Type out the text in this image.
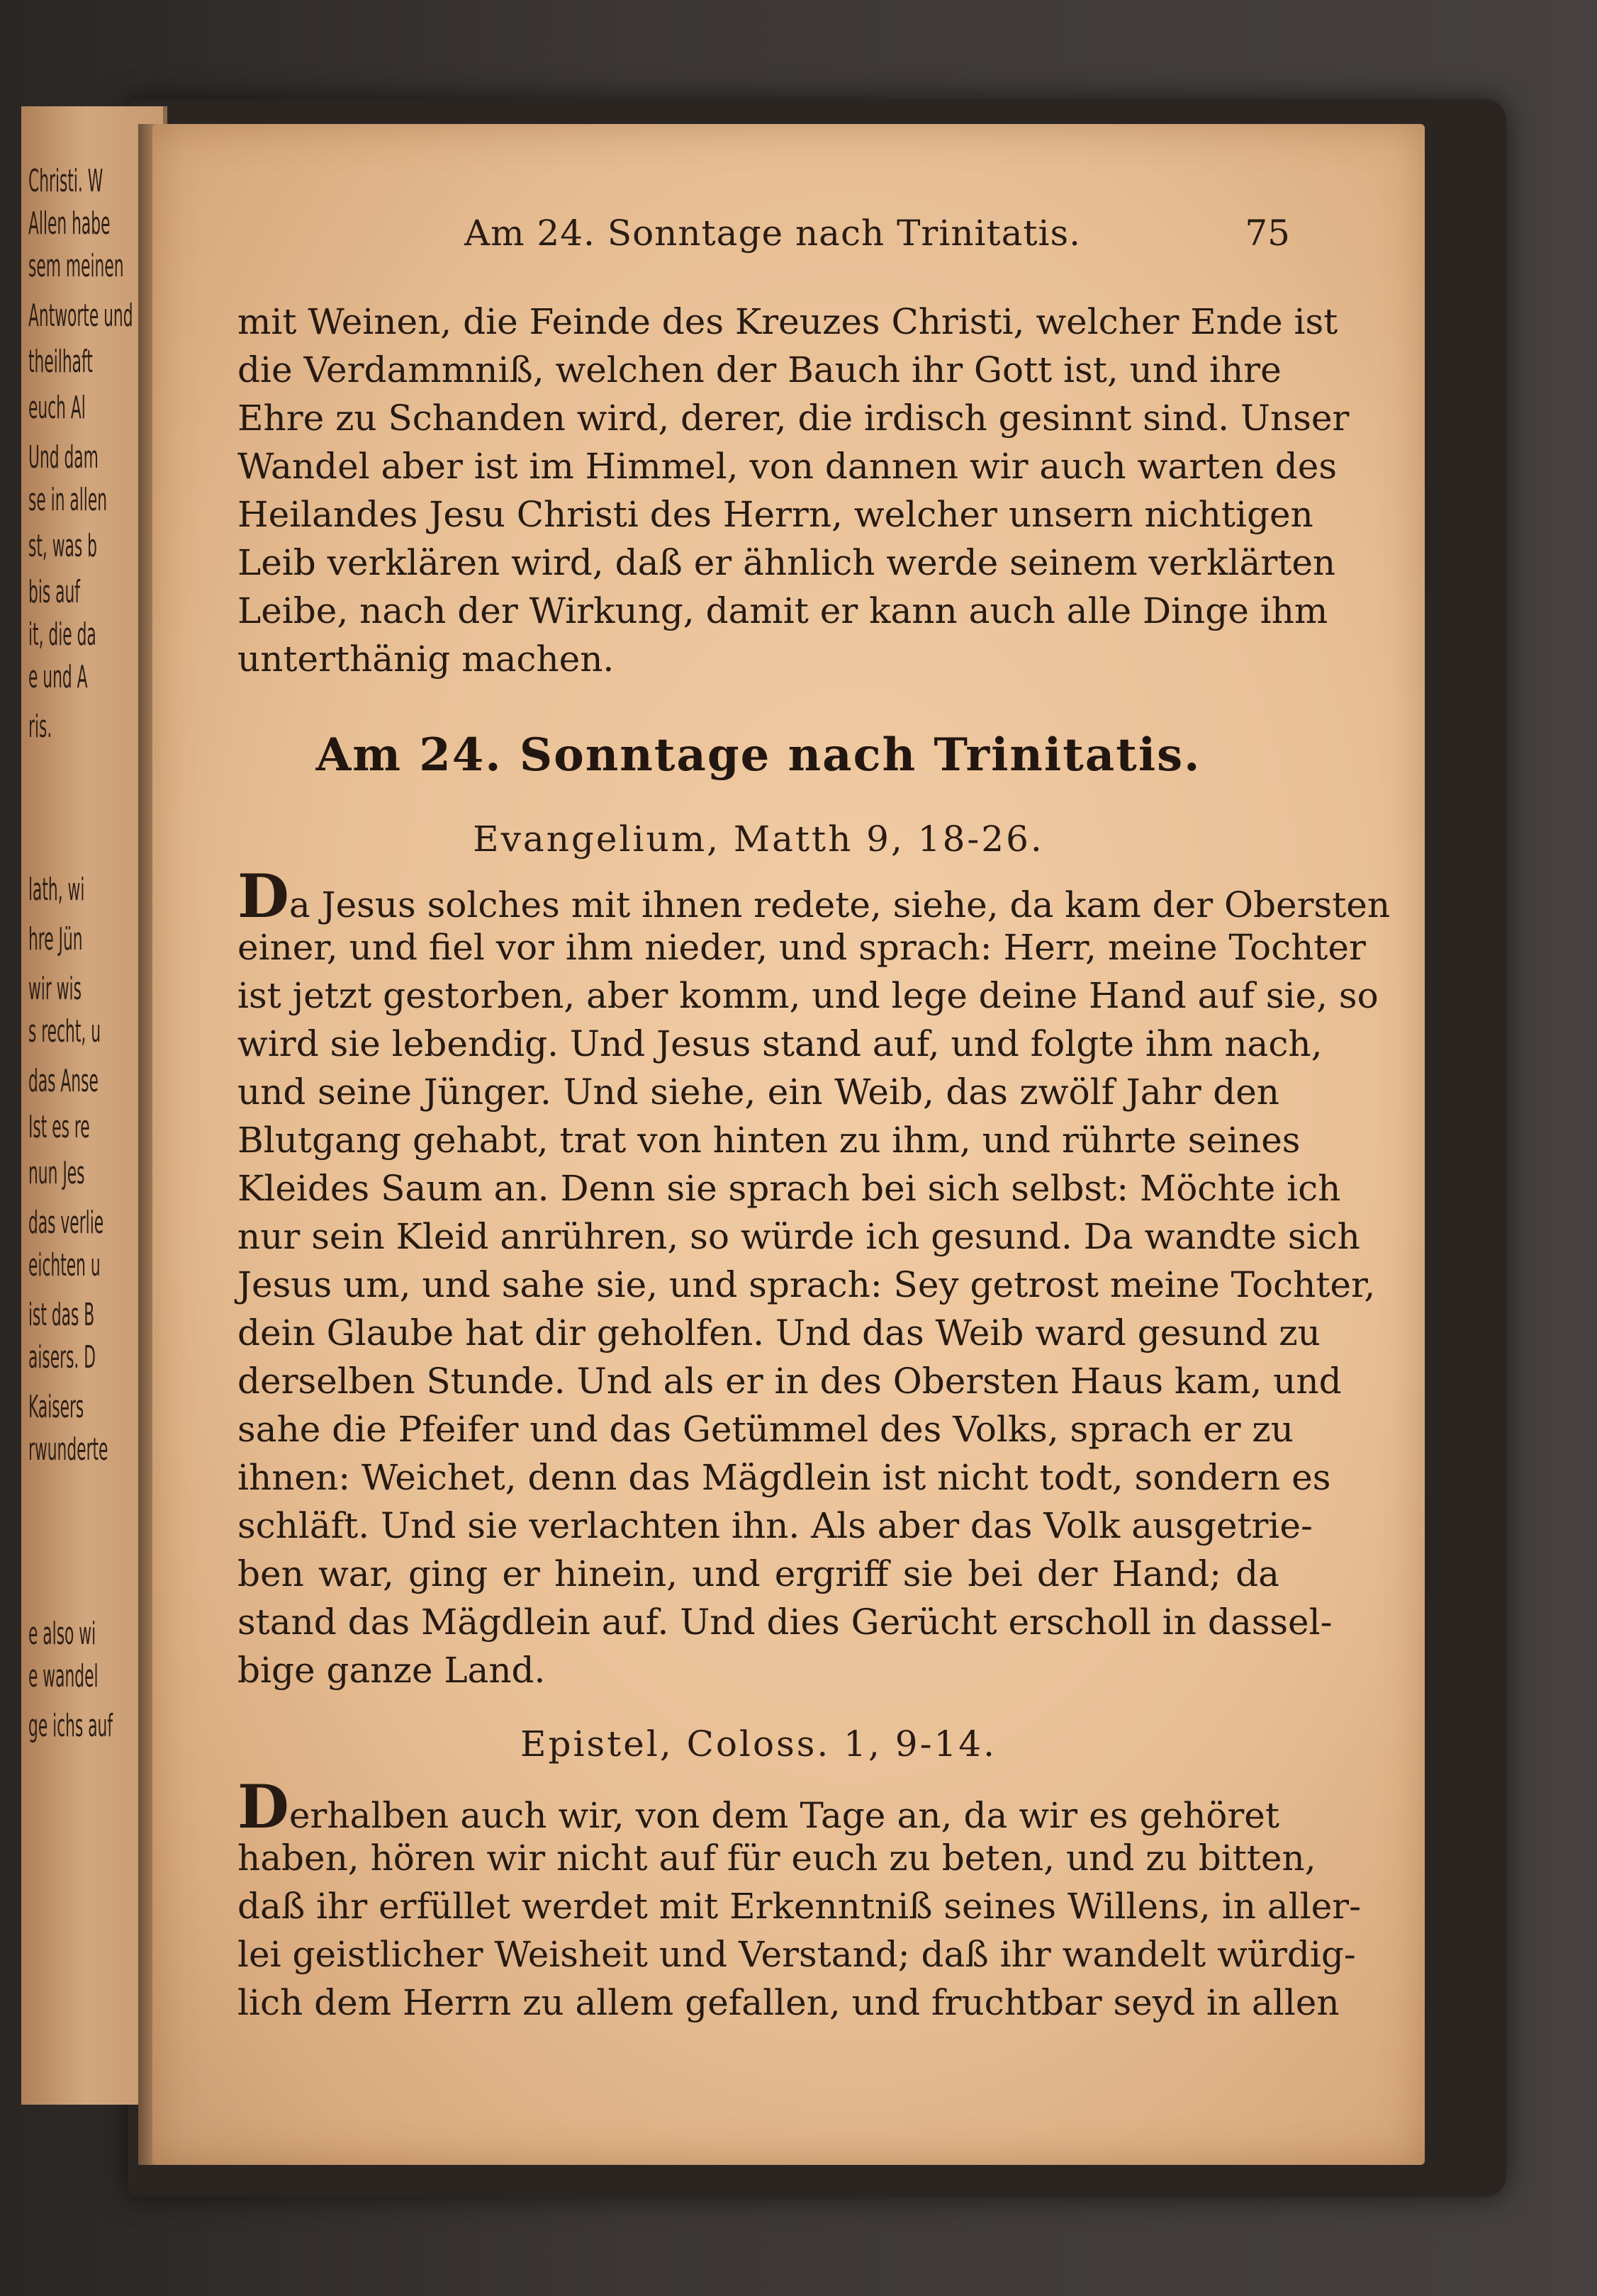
Christi. W
Allen habe
sem meinen
Antworte und
theilhaft
euch Al
Und dam
se in allen
st, was b
bis auf
it, die da
e und A
ris.
lath, wi
hre Jün
wir wis
s recht, u
das Anse
Ist es re
nun Jes
das verlie
eichten u
ist das B
aisers. D
Kaisers
rwunderte
e also wi
e wandel
ge ichs auf
Am 24. Sonntage nach Trinitatis.	75
mit Weinen, die Feinde des Kreuzes Christi, welcher Ende ist
die Verdammniß, welchen der Bauch ihr Gott ist, und ihre
Ehre zu Schanden wird, derer, die irdisch gesinnt sind. Unser
Wandel aber ist im Himmel, von dannen wir auch warten des
Heilandes Jesu Christi des Herrn, welcher unsern nichtigen
Leib verklären wird, daß er ähnlich werde seinem verklärten
Leibe, nach der Wirkung, damit er kann auch alle Dinge ihm
unterthänig machen.
Am 24. Sonntage nach Trinitatis.
Evangelium, Matth 9, 18-26.
Da Jesus solches mit ihnen redete, siehe, da kam der Obersten
einer, und fiel vor ihm nieder, und sprach: Herr, meine Tochter
ist jetzt gestorben, aber komm, und lege deine Hand auf sie, so
wird sie lebendig. Und Jesus stand auf, und folgte ihm nach,
und seine Jünger. Und siehe, ein Weib, das zwölf Jahr den
Blutgang gehabt, trat von hinten zu ihm, und rührte seines
Kleides Saum an. Denn sie sprach bei sich selbst: Möchte ich
nur sein Kleid anrühren, so würde ich gesund. Da wandte sich
Jesus um, und sahe sie, und sprach: Sey getrost meine Tochter,
dein Glaube hat dir geholfen. Und das Weib ward gesund zu
derselben Stunde. Und als er in des Obersten Haus kam, und
sahe die Pfeifer und das Getümmel des Volks, sprach er zu
ihnen: Weichet, denn das Mägdlein ist nicht todt, sondern es
schläft. Und sie verlachten ihn. Als aber das Volk ausgetrie-
ben war, ging er hinein, und ergriff sie bei der Hand; da
stand das Mägdlein auf. Und dies Gerücht erscholl in dassel-
bige ganze Land.
Epistel, Coloss. 1, 9-14.
Derhalben auch wir, von dem Tage an, da wir es gehöret
haben, hören wir nicht auf für euch zu beten, und zu bitten,
daß ihr erfüllet werdet mit Erkenntniß seines Willens, in aller-
lei geistlicher Weisheit und Verstand; daß ihr wandelt würdig-
lich dem Herrn zu allem gefallen, und fruchtbar seyd in allen
